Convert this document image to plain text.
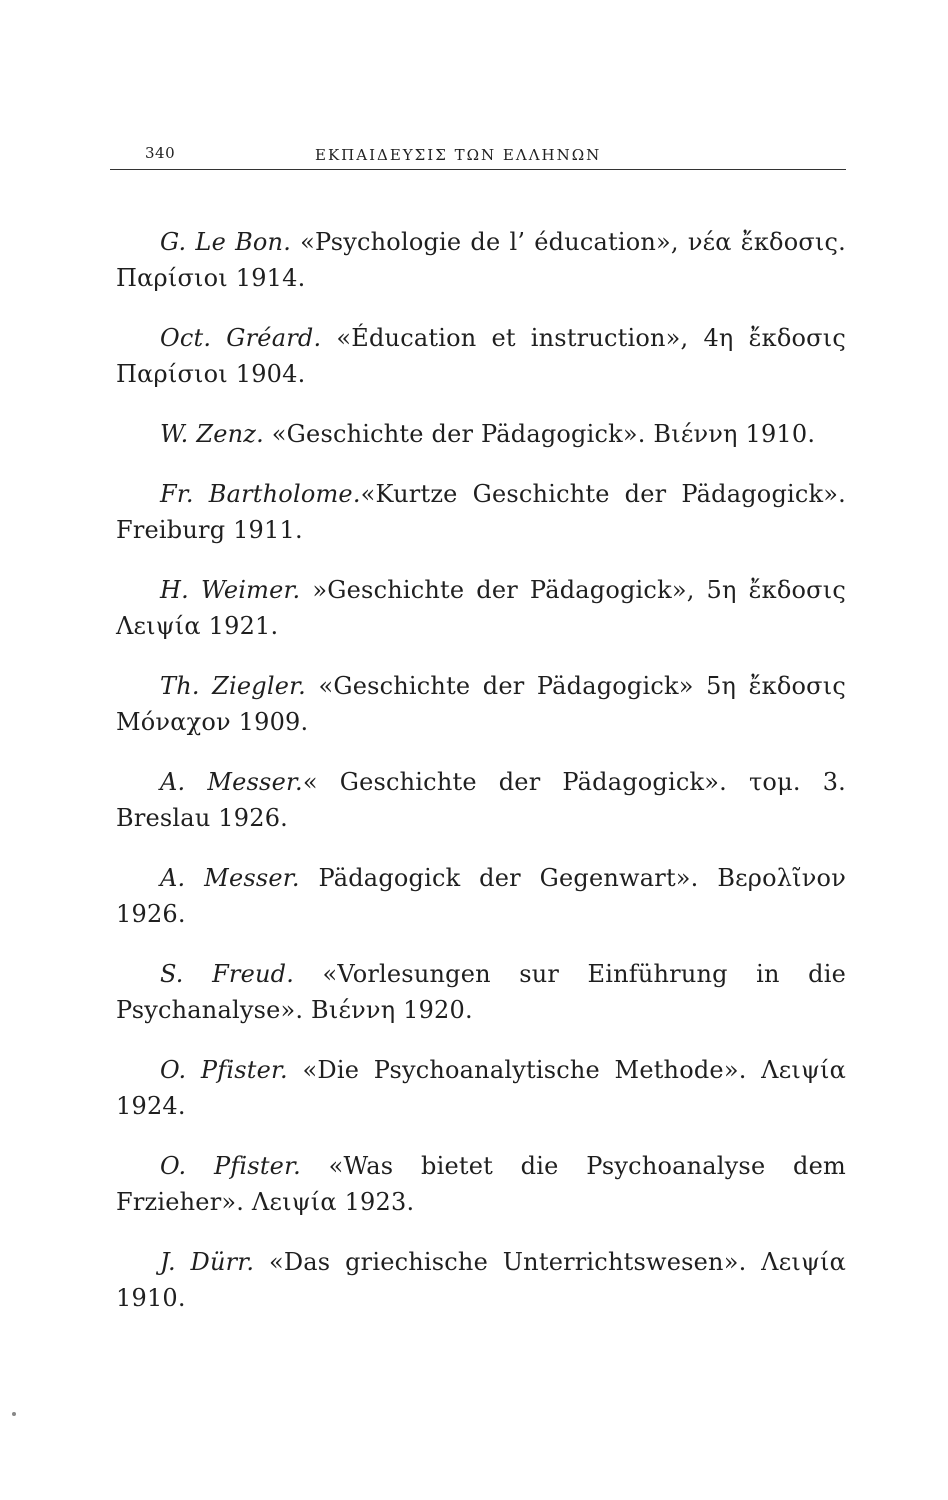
340	ΕΚΠΑΙΔΕΥΣΙΣ ΤΩΝ ΕΛΛΗΝΩΝ

G. Le Bon. «Psychologie de l’ éducation», νέα ἔκδοσις. Παρίσιοι 1914.

Oct. Gréard. «Éducation et instruction», 4η ἔκδοσις Παρίσιοι 1904.

W. Zenz. «Geschichte der Pädagogick». Βιέννη 1910.

Fr. Bartholome.«Kurtze Geschichte der Pädagogick». Freiburg 1911.

H. Weimer. »Geschichte der Pädagogick», 5η ἔκδοσις Λειψία 1921.

Th. Ziegler. «Geschichte der Pädagogick» 5η ἔκδοσις Μόναχον 1909.

A. Messer.« Geschichte der Pädagogick». τομ. 3. Breslau 1926.

A. Messer. Pädagogick der Gegenwart». Βερολῖνον 1926.

S. Freud. «Vorlesungen sur Einführung in die Psychanalyse». Βιέννη 1920.

O. Pfister. «Die Psychoanalytische Methode». Λειψία 1924.

O. Pfister. «Was bietet die Psychoanalyse dem Frzieher». Λειψία 1923.

J. Dürr. «Das griechische Unterrichtswesen». Λειψία 1910.
